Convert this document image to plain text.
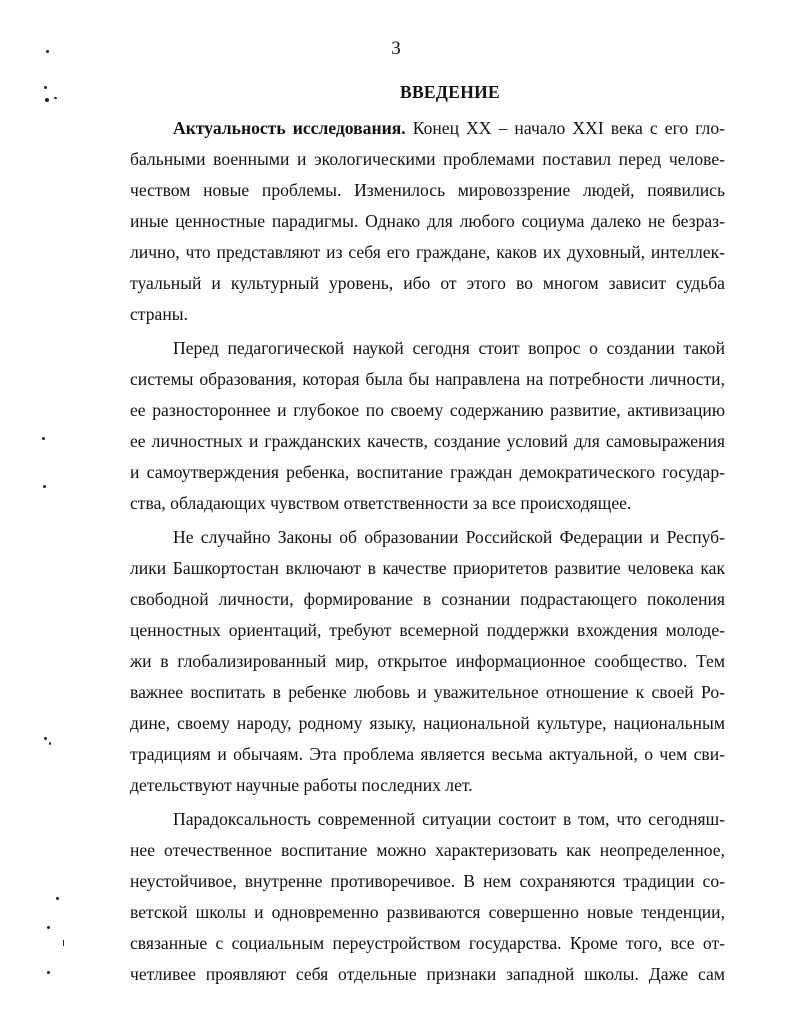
3
ВВЕДЕНИЕ
Актуальность исследования. Конец XX – начало XXI века с его гло-
бальными военными и экологическими проблемами поставил перед челове-
чеством новые проблемы. Изменилось мировоззрение людей, появились
иные ценностные парадигмы. Однако для любого социума далеко не безраз-
лично, что представляют из себя его граждане, каков их духовный, интеллек-
туальный и культурный уровень, ибо от этого во многом зависит судьба
страны.
Перед педагогической наукой сегодня стоит вопрос о создании такой
системы образования, которая была бы направлена на потребности личности,
ее разностороннее и глубокое по своему содержанию развитие, активизацию
ее личностных и гражданских качеств, создание условий для самовыражения
и самоутверждения ребенка, воспитание граждан демократического государ-
ства, обладающих чувством ответственности за все происходящее.
Не случайно Законы об образовании Российской Федерации и Респуб-
лики Башкортостан включают в качестве приоритетов развитие человека как
свободной личности, формирование в сознании подрастающего поколения
ценностных ориентаций, требуют всемерной поддержки вхождения молоде-
жи в глобализированный мир, открытое информационное сообщество. Тем
важнее воспитать в ребенке любовь и уважительное отношение к своей Ро-
дине, своему народу, родному языку, национальной культуре, национальным
традициям и обычаям. Эта проблема является весьма актуальной, о чем сви-
детельствуют научные работы последних лет.
Парадоксальность современной ситуации состоит в том, что сегодняш-
нее отечественное воспитание можно характеризовать как неопределенное,
неустойчивое, внутренне противоречивое. В нем сохраняются традиции со-
ветской школы и одновременно развиваются совершенно новые тенденции,
связанные с социальным переустройством государства. Кроме того, все от-
четливее проявляют себя отдельные признаки западной школы. Даже сам
